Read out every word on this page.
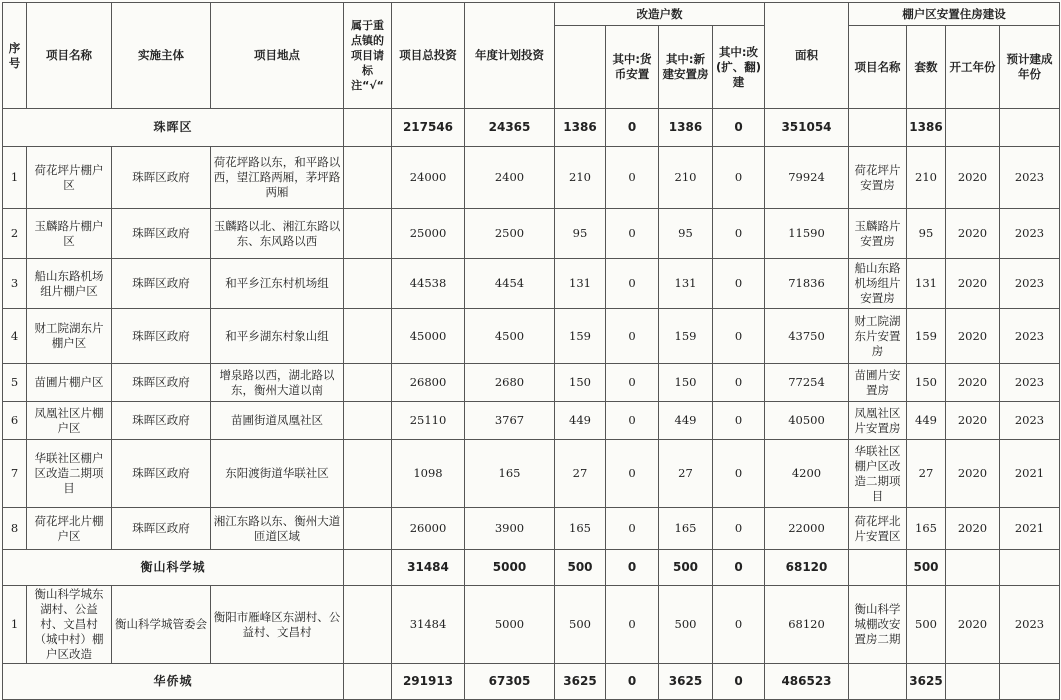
序号	项目名称	实施主体	项目地点	属于重点镇的项目请标注“√“	项目总投资	年度计划投资	改造户数				面积	棚户区安置住房建设			
								其中:货币安置	其中:新建安置房	其中:改(扩、翻)建		项目名称	套数	开工年份	预计建成年份
珠晖区					217546	24365	1386	0	1386	0	351054		1386		
1	荷花坪片棚户区	珠晖区政府	荷花坪路以东，和平路以西，望江路两厢，茅坪路两厢		24000	2400	210	0	210	0	79924	荷花坪片安置房	210	2020	2023
2	玉麟路片棚户区	珠晖区政府	玉麟路以北、湘江东路以东、东风路以西		25000	2500	95	0	95	0	11590	玉麟路片安置房	95	2020	2023
3	船山东路机场组片棚户区	珠晖区政府	和平乡江东村机场组		44538	4454	131	0	131	0	71836	船山东路机场组片安置房	131	2020	2023
4	财工院湖东片棚户区	珠晖区政府	和平乡湖东村象山组		45000	4500	159	0	159	0	43750	财工院湖东片安置房	159	2020	2023
5	苗圃片棚户区	珠晖区政府	增泉路以西，湖北路以东，衡州大道以南		26800	2680	150	0	150	0	77254	苗圃片安置房	150	2020	2023
6	凤凰社区片棚户区	珠晖区政府	苗圃街道凤凰社区		25110	3767	449	0	449	0	40500	凤凰社区片安置房	449	2020	2023
7	华联社区棚户区改造二期项目	珠晖区政府	东阳渡街道华联社区		1098	165	27	0	27	0	4200	华联社区棚户区改造二期项目	27	2020	2021
8	荷花坪北片棚户区	珠晖区政府	湘江东路以东、衡州大道匝道区域		26000	3900	165	0	165	0	22000	荷花坪北片安置区	165	2020	2021
衡山科学城					31484	5000	500	0	500	0	68120		500		
1	衡山科学城东湖村、公益村、文昌村（城中村）棚户区改造	衡山科学城管委会	衡阳市雁峰区东湖村、公益村、文昌村		31484	5000	500	0	500	0	68120	衡山科学城棚改安置房二期	500	2020	2023
华侨城					291913	67305	3625	0	3625	0	486523		3625		
